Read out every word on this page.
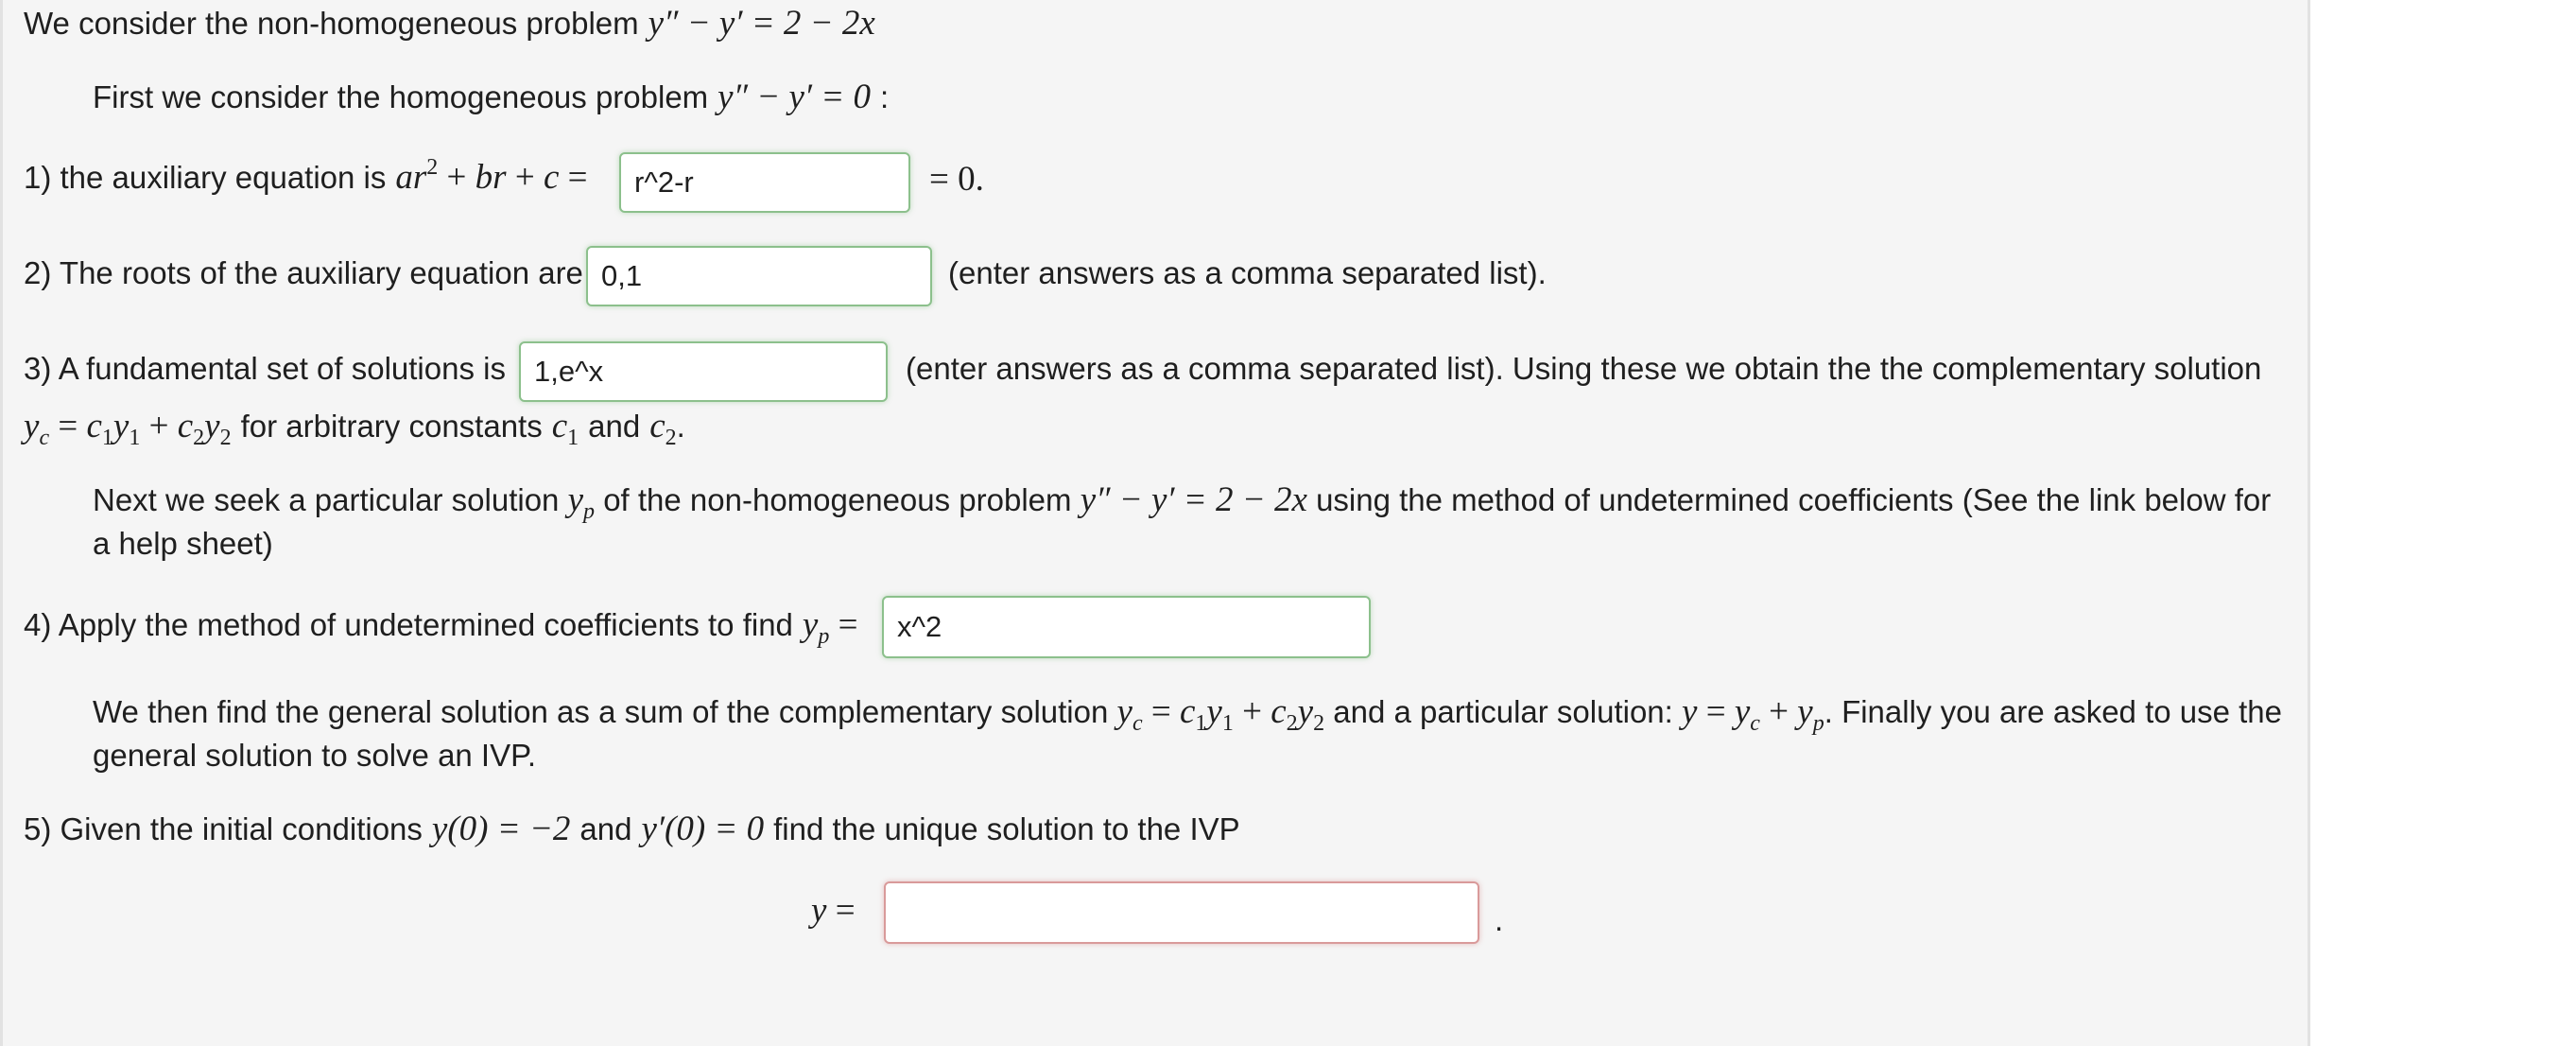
We consider the non-homogeneous problem y″ − y′ = 2 − 2x
First we consider the homogeneous problem y″ − y′ = 0 :
1) the auxiliary equation is $ar^2$ + br + c =
r^2-r	= 0.
2) The roots of the auxiliary equation are
0,1	(enter answers as a comma separated list).
3) A fundamental set of solutions is
1,e^x	(enter answers as a comma separated list). Using these we obtain the the complementary solution
$y_c = c_1y_1 + c_2y_2$ for arbitrary constants $c_1$ and $c_2$ .
Next we seek a particular solution $y_p$ of the non-homogeneous problem y″ − y′ = 2 − 2x using the method of undetermined coefficients (See the link below for a help sheet)
4) Apply the method of undetermined coefficients to find $y_p$ =
x^2
We then find the general solution as a sum of the complementary solution $y_c = c_1y_1 + c_2y_2$ and a particular solution: $y = y_c + y_p$. Finally you are asked to use the general solution to solve an IVP.
5) Given the initial conditions y(0) = −2 and y′(0) = 0 find the unique solution to the IVP
y =	.
